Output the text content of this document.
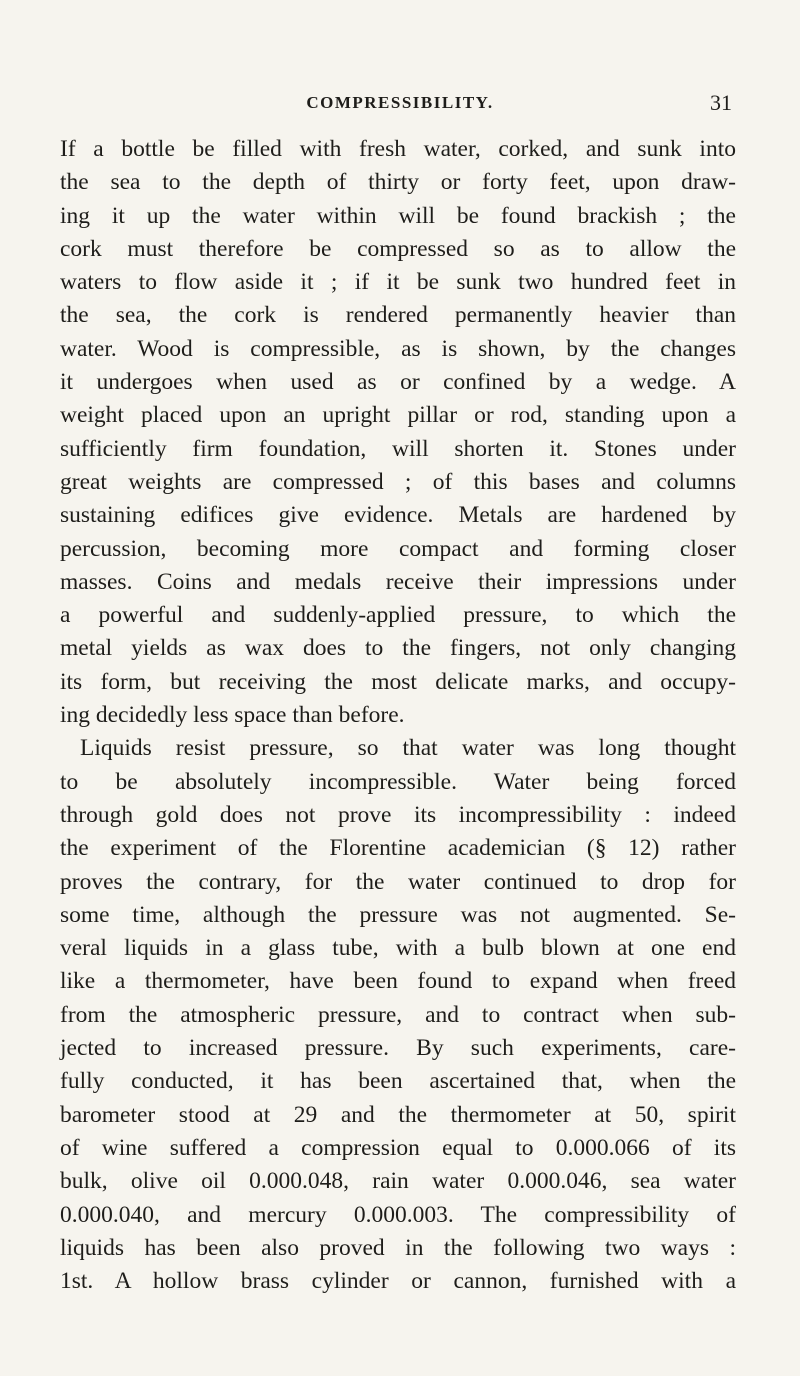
COMPRESSIBILITY.	31
If a bottle be filled with fresh water, corked, and sunk into
the sea to the depth of thirty or forty feet, upon draw-
ing it up the water within will be found brackish ; the
cork must therefore be compressed so as to allow the
waters to flow aside it ; if it be sunk two hundred feet in
the sea, the cork is rendered permanently heavier than
water. Wood is compressible, as is shown, by the changes
it undergoes when used as or confined by a wedge. A
weight placed upon an upright pillar or rod, standing upon a
sufficiently firm foundation, will shorten it. Stones under
great weights are compressed ; of this bases and columns
sustaining edifices give evidence. Metals are hardened by
percussion, becoming more compact and forming closer
masses. Coins and medals receive their impressions under
a powerful and suddenly-applied pressure, to which the
metal yields as wax does to the fingers, not only changing
its form, but receiving the most delicate marks, and occupy-
ing decidedly less space than before.
Liquids resist pressure, so that water was long thought
to be absolutely incompressible. Water being forced
through gold does not prove its incompressibility : indeed
the experiment of the Florentine academician (§ 12) rather
proves the contrary, for the water continued to drop for
some time, although the pressure was not augmented. Se-
veral liquids in a glass tube, with a bulb blown at one end
like a thermometer, have been found to expand when freed
from the atmospheric pressure, and to contract when sub-
jected to increased pressure. By such experiments, care-
fully conducted, it has been ascertained that, when the
barometer stood at 29 and the thermometer at 50, spirit
of wine suffered a compression equal to 0.000.066 of its
bulk, olive oil 0.000.048, rain water 0.000.046, sea water
0.000.040, and mercury 0.000.003. The compressibility of
liquids has been also proved in the following two ways :
1st. A hollow brass cylinder or cannon, furnished with a
